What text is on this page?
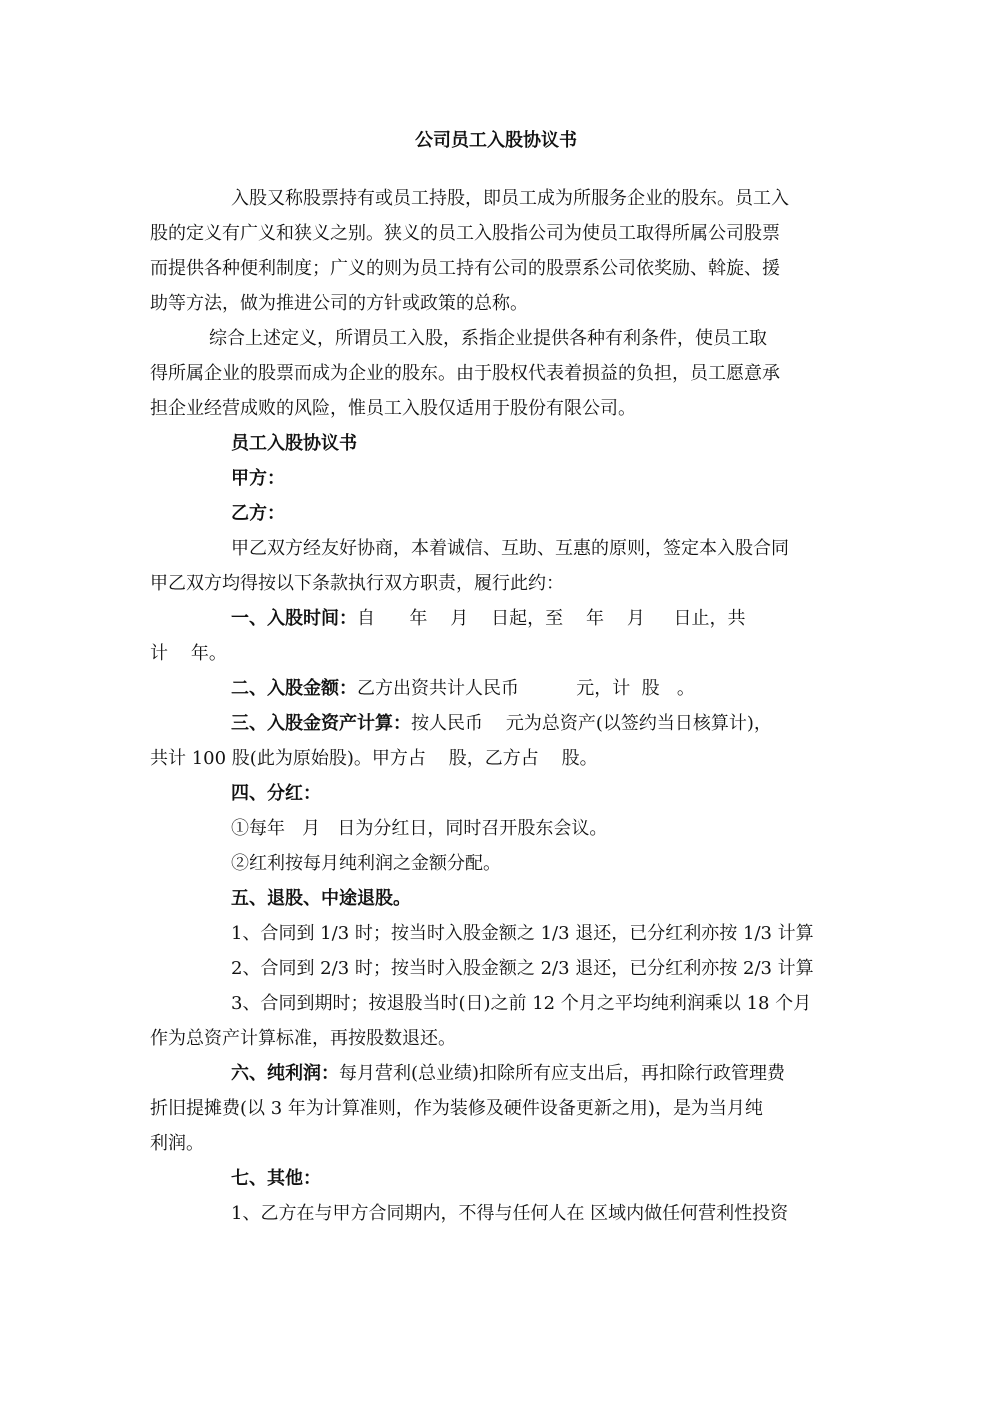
公司员工入股协议书
入股又称股票持有或员工持股，即员工成为所服务企业的股东。员工入
股的定义有广义和狭义之别。狭义的员工入股指公司为使员工取得所属公司股票
而提供各种便利制度；广义的则为员工持有公司的股票系公司依奖励、斡旋、援
助等方法，做为推进公司的方针或政策的总称。
综合上述定义，所谓员工入股，系指企业提供各种有利条件，使员工取
得所属企业的股票而成为企业的股东。由于股权代表着损益的负担，员工愿意承
担企业经营成败的风险，惟员工入股仅适用于股份有限公司。
员工入股协议书
甲方：
乙方：
甲乙双方经友好协商，本着诚信、互助、互惠的原则，签定本入股合同
甲乙双方均得按以下条款执行双方职责，履行此约：
一、入股时间：自      年    月    日起，至    年    月     日止，共
计    年。
二、入股金额：乙方出资共计人民币          元，计  股   。
三、入股金资产计算：按人民币    元为总资产(以签约当日核算计)，
共计 100 股(此为原始股)。甲方占    股，乙方占    股。
四、分红：
①每年   月   日为分红日，同时召开股东会议。
②红利按每月纯利润之金额分配。
五、退股、中途退股。
1、合同到 1/3 时；按当时入股金额之 1/3 退还，已分红利亦按 1/3 计算
2、合同到 2/3 时；按当时入股金额之 2/3 退还，已分红利亦按 2/3 计算
3、合同到期时；按退股当时(日)之前 12 个月之平均纯利润乘以 18 个月
作为总资产计算标准，再按股数退还。
六、纯利润：每月营利(总业绩)扣除所有应支出后，再扣除行政管理费
折旧提摊费(以 3 年为计算准则，作为装修及硬件设备更新之用)，是为当月纯
利润。
七、其他：
1、乙方在与甲方合同期内，不得与任何人在 区域内做任何营利性投资
